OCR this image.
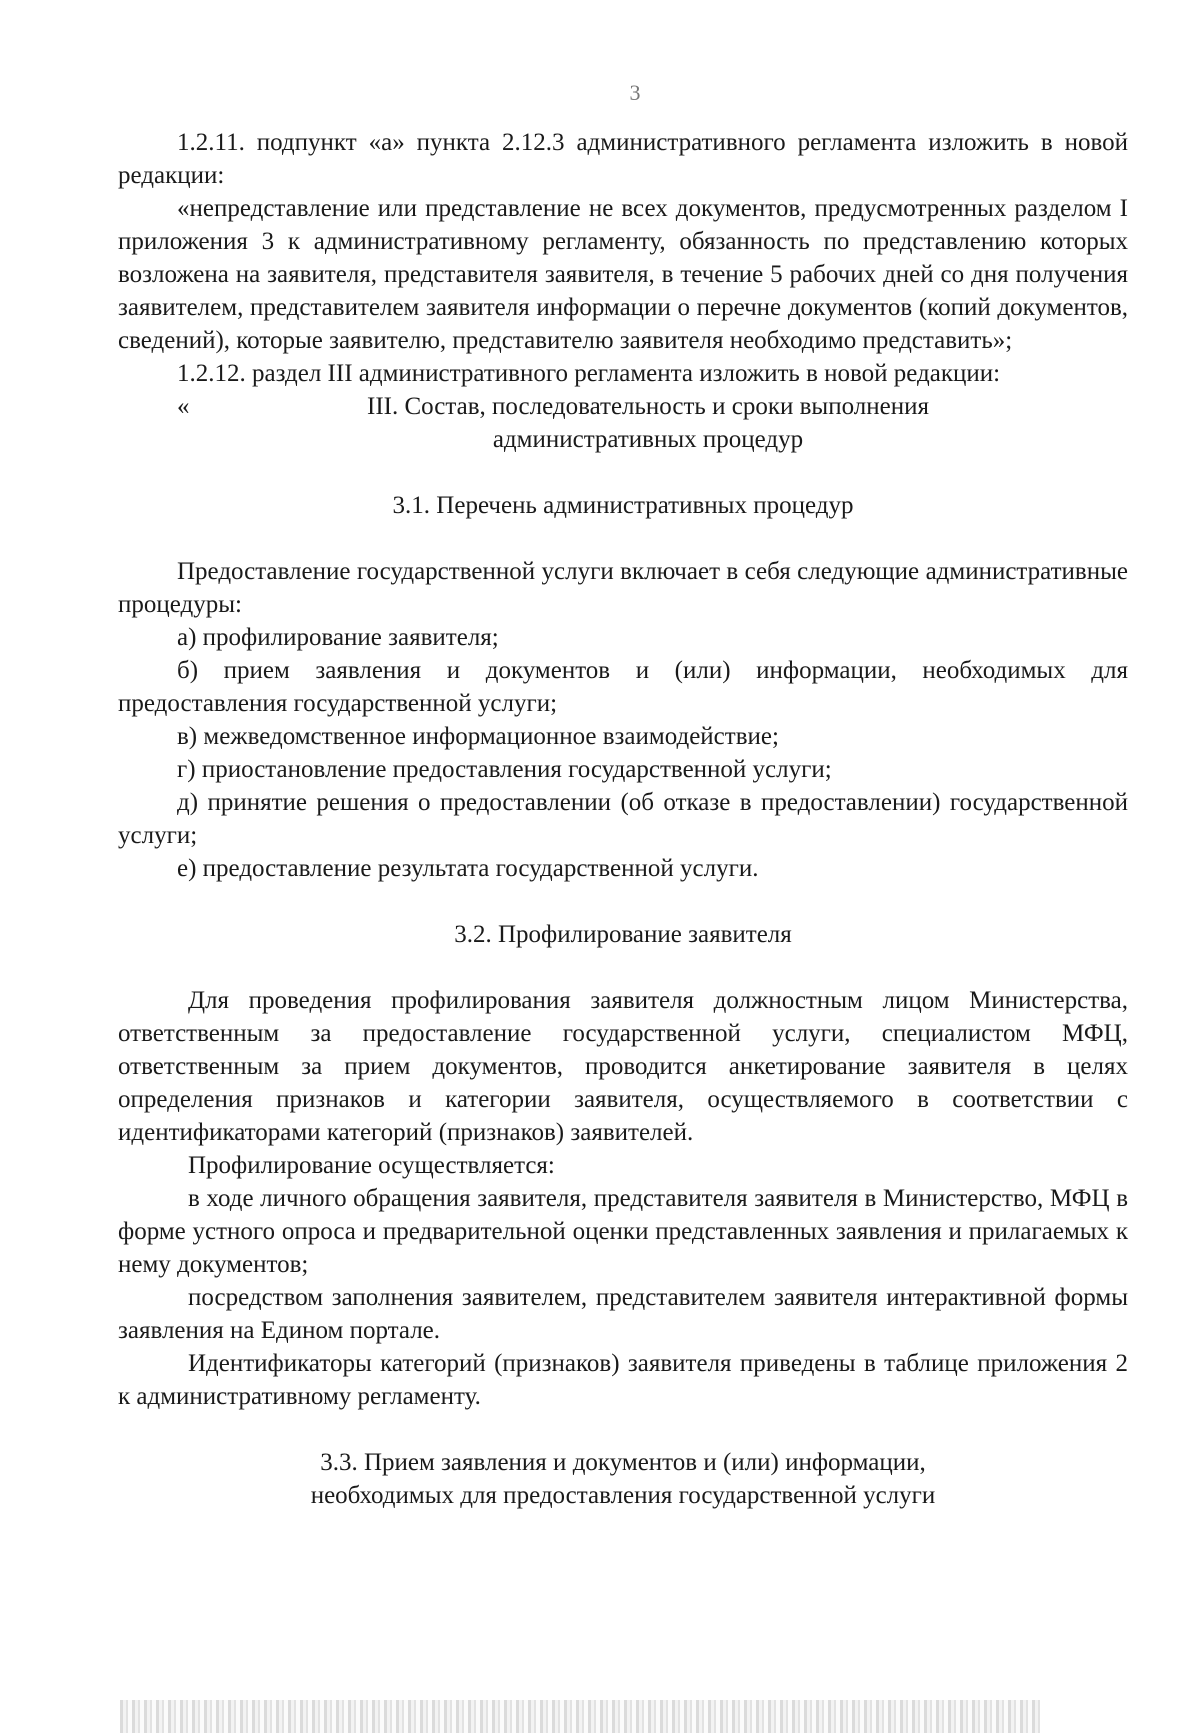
3

1.2.11. подпункт «а» пункта 2.12.3 административного регламента изложить в новой редакции:

«непредставление или представление не всех документов, предусмотренных разделом I приложения 3 к административному регламенту, обязанность по представлению которых возложена на заявителя, представителя заявителя, в течение 5 рабочих дней со дня получения заявителем, представителем заявителя информации о перечне документов (копий документов, сведений), которые заявителю, представителю заявителя необходимо представить»;

1.2.12. раздел III административного регламента изложить в новой редакции:

«	III. Состав, последовательность и сроки выполнения
административных процедур

3.1. Перечень административных процедур

Предоставление государственной услуги включает в себя следующие административные процедуры:

а) профилирование заявителя;

б) прием заявления и документов и (или) информации, необходимых для предоставления государственной услуги;

в) межведомственное информационное взаимодействие;

г) приостановление предоставления государственной услуги;

д) принятие решения о предоставлении (об отказе в предоставлении) государственной услуги;

е) предоставление результата государственной услуги.

3.2. Профилирование заявителя

Для проведения профилирования заявителя должностным лицом Министерства, ответственным за предоставление государственной услуги, специалистом МФЦ, ответственным за прием документов, проводится анкетирование заявителя в целях определения признаков и категории заявителя, осуществляемого в соответствии с идентификаторами категорий (признаков) заявителей.

Профилирование осуществляется:

в ходе личного обращения заявителя, представителя заявителя в Министерство, МФЦ в форме устного опроса и предварительной оценки представленных заявления и прилагаемых к нему документов;

посредством заполнения заявителем, представителем заявителя интерактивной формы заявления на Едином портале.

Идентификаторы категорий (признаков) заявителя приведены в таблице приложения 2 к административному регламенту.

3.3. Прием заявления и документов и (или) информации,

необходимых для предоставления государственной услуги
